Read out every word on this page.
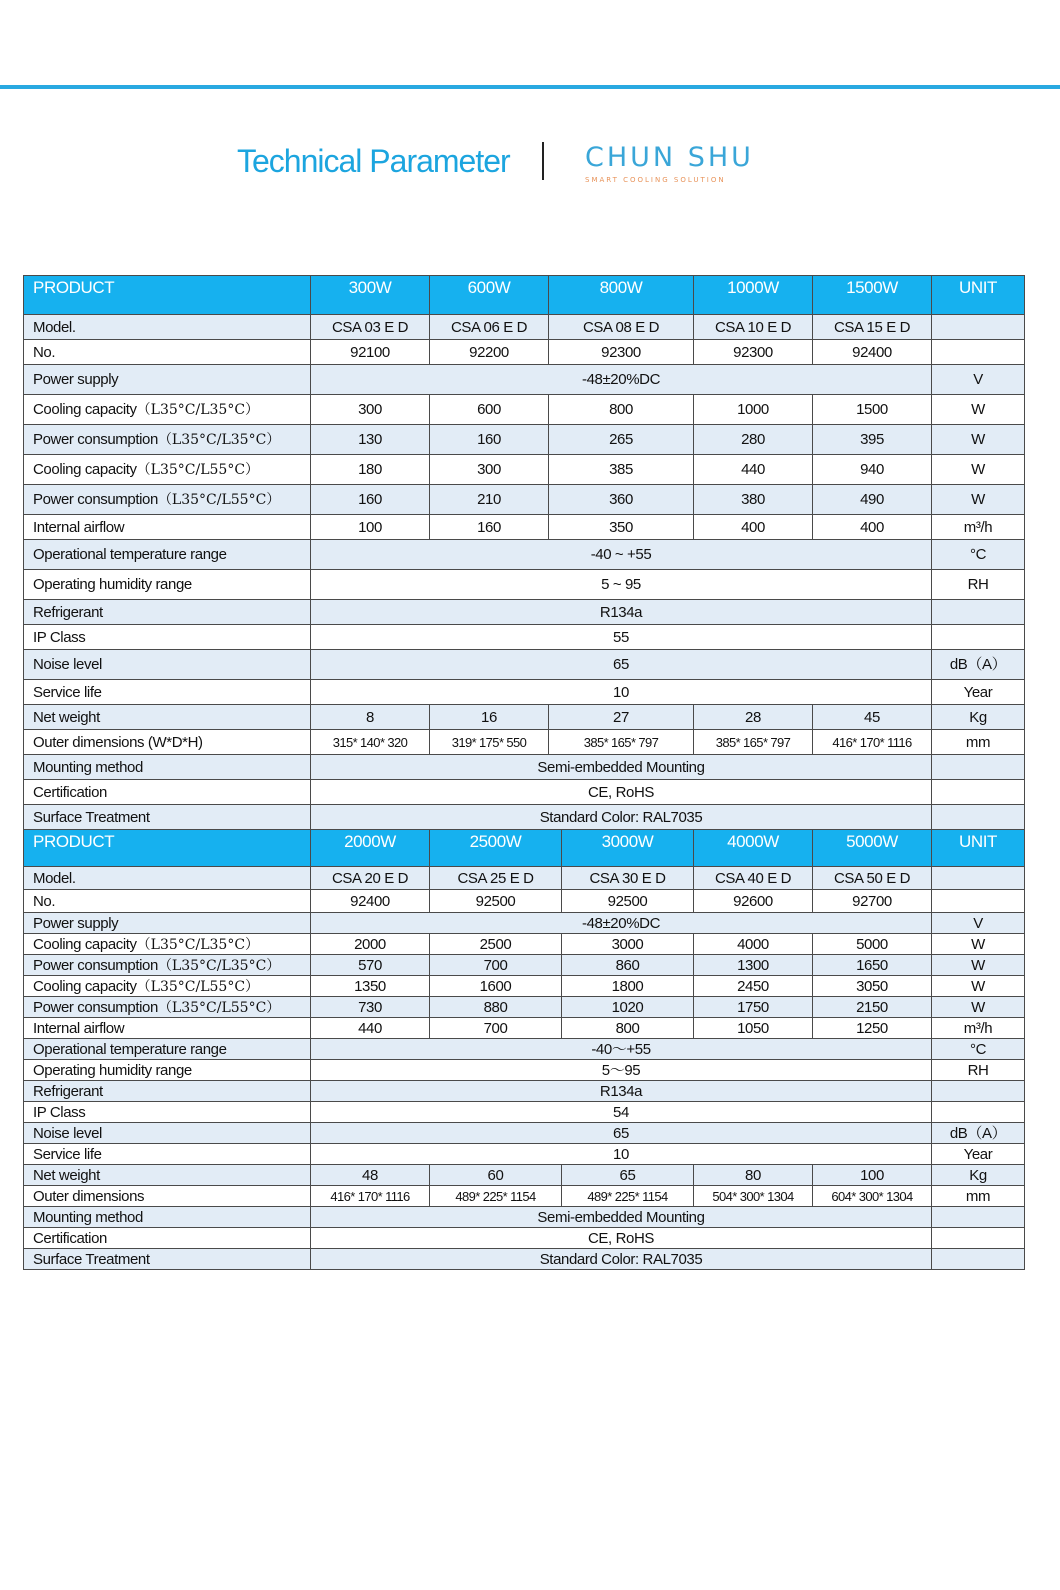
Technical Parameter	CHUN SHU
SMART COOLING SOLUTION
PRODUCT	300W	600W	800W	1000W	1500W	UNIT
Model.	CSA 03 E D	CSA 06 E D	CSA 08 E D	CSA 10 E D	CSA 15 E D	
No.	92100	92200	92300	92300	92400	
Power supply	-48±20%DC					V
Cooling capacity（L35°C/L35°C）	300	600	800	1000	1500	W
Power consumption（L35°C/L35°C）	130	160	265	280	395	W
Cooling capacity（L35°C/L55°C）	180	300	385	440	940	W
Power consumption（L35°C/L55°C）	160	210	360	380	490	W
Internal airflow	100	160	350	400	400	m³/h
Operational temperature range	-40 ~ +55					°C
Operating humidity range	5 ~ 95					RH
Refrigerant	R134a					
IP Class	55					
Noise level	65					dB（A）
Service life	10					Year
Net weight	8	16	27	28	45	Kg
Outer dimensions (W*D*H)	315* 140* 320	319* 175* 550	385* 165* 797	385* 165* 797	416* 170* 1116	mm
Mounting method	Semi-embedded Mounting					
Certification	CE, RoHS					
Surface Treatment	Standard Color: RAL7035					
PRODUCT	2000W	2500W	3000W	4000W	5000W	UNIT
Model.	CSA 20 E D	CSA 25 E D	CSA 30 E D	CSA 40 E D	CSA 50 E D	
No.	92400	92500	92500	92600	92700	
Power supply	-48±20%DC					V
Cooling capacity（L35°C/L35°C）	2000	2500	3000	4000	5000	W
Power consumption（L35°C/L35°C）	570	700	860	1300	1650	W
Cooling capacity（L35°C/L55°C）	1350	1600	1800	2450	3050	W
Power consumption（L35°C/L55°C）	730	880	1020	1750	2150	W
Internal airflow	440	700	800	1050	1250	m³/h
Operational temperature range	-40～+55					°C
Operating humidity range	5～95					RH
Refrigerant	R134a					
IP Class	54					
Noise level	65					dB（A）
Service life	10					Year
Net weight	48	60	65	80	100	Kg
Outer dimensions	416* 170* 1116	489* 225* 1154	489* 225* 1154	504* 300* 1304	604* 300* 1304	mm
Mounting method	Semi-embedded Mounting					
Certification	CE, RoHS					
Surface Treatment	Standard Color: RAL7035					
